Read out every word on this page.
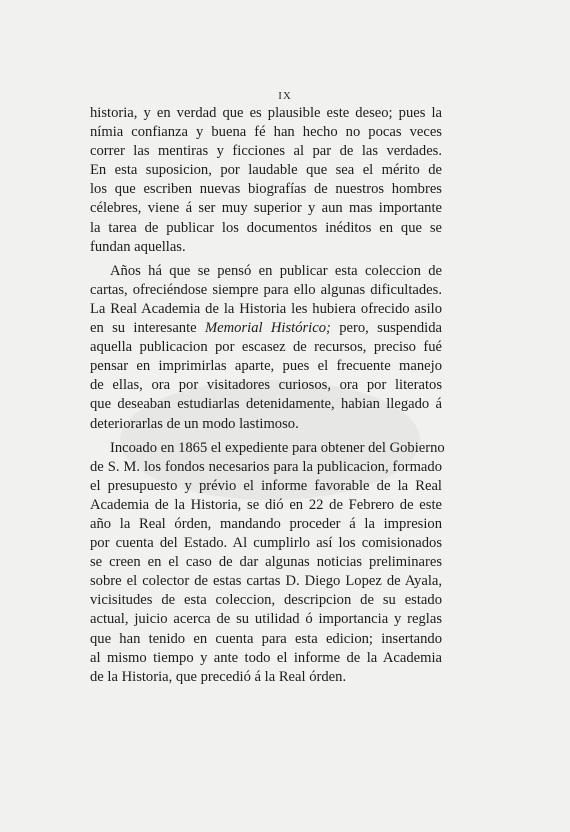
IX
historia, y en verdad que es plausible este deseo; pues la
nímia confianza y buena fé han hecho no pocas veces
correr las mentiras y ficciones al par de las verdades.
En esta suposicion, por laudable que sea el mérito de
los que escriben nuevas biografías de nuestros hombres
célebres, viene á ser muy superior y aun mas importante
la tarea de publicar los documentos inéditos en que se
fundan aquellas.
Años há que se pensó en publicar esta coleccion de
cartas, ofreciéndose siempre para ello algunas dificultades.
La Real Academia de la Historia les hubiera ofrecido asilo
en su interesante Memorial Histórico; pero, suspendida
aquella publicacion por escasez de recursos, preciso fué
pensar en imprimirlas aparte, pues el frecuente manejo
de ellas, ora por visitadores curiosos, ora por literatos
que deseaban estudiarlas detenidamente, habian llegado á
deteriorarlas de un modo lastimoso.
Incoado en 1865 el expediente para obtener del Gobierno
de S. M. los fondos necesarios para la publicacion, formado
el presupuesto y prévio el informe favorable de la Real
Academia de la Historia, se dió en 22 de Febrero de este
año la Real órden, mandando proceder á la impresion
por cuenta del Estado. Al cumplirlo así los comisionados
se creen en el caso de dar algunas noticias preliminares
sobre el colector de estas cartas D. Diego Lopez de Ayala,
vicisitudes de esta coleccion, descripcion de su estado
actual, juicio acerca de su utilidad ó importancia y reglas
que han tenido en cuenta para esta edicion; insertando
al mismo tiempo y ante todo el informe de la Academia
de la Historia, que precedió á la Real órden.
